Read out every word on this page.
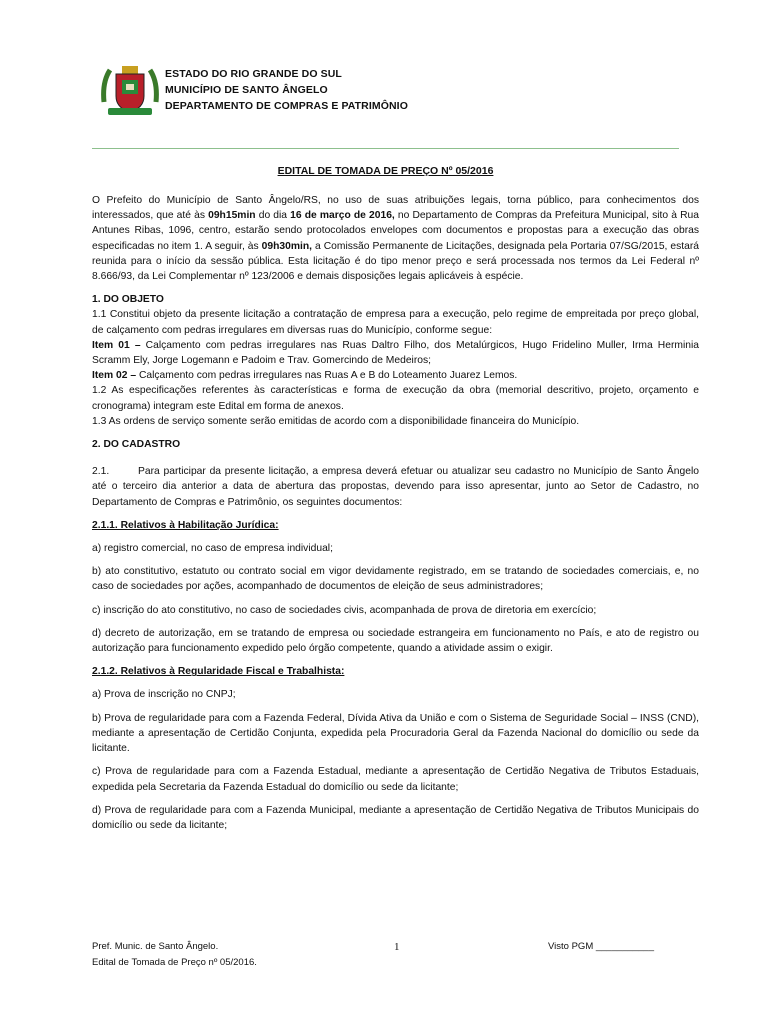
ESTADO DO RIO GRANDE DO SUL
MUNICÍPIO DE SANTO ÂNGELO
DEPARTAMENTO DE COMPRAS E PATRIMÔNIO
EDITAL DE TOMADA DE PREÇO Nº 05/2016

O Prefeito do Município de Santo Ângelo/RS, no uso de suas atribuições legais, torna público, para conhecimentos dos interessados, que até às 09h15min do dia 16 de março de 2016, no Departamento de Compras da Prefeitura Municipal, sito à Rua Antunes Ribas, 1096, centro, estarão sendo protocolados envelopes com documentos e propostas para a execução das obras especificadas no item 1. A seguir, às 09h30min, a Comissão Permanente de Licitações, designada pela Portaria 07/SG/2015, estará reunida para o início da sessão pública. Esta licitação é do tipo menor preço e será processada nos termos da Lei Federal nº 8.666/93, da Lei Complementar nº 123/2006 e demais disposições legais aplicáveis à espécie.

1. DO OBJETO

1.1 Constitui objeto da presente licitação a contratação de empresa para a execução, pelo regime de empreitada por preço global, de calçamento com pedras irregulares em diversas ruas do Município, conforme segue:

Item 01 – Calçamento com pedras irregulares nas Ruas Daltro Filho, dos Metalúrgicos, Hugo Fridelino Muller, Irma Herminia Scramm Ely, Jorge Logemann e Padoim e Trav. Gomercindo de Medeiros;

Item 02 – Calçamento com pedras irregulares nas Ruas A e B do Loteamento Juarez Lemos.

1.2 As especificações referentes às características e forma de execução da obra (memorial descritivo, projeto, orçamento e cronograma) integram este Edital em forma de anexos.

1.3 As ordens de serviço somente serão emitidas de acordo com a disponibilidade financeira do Município.

2. DO CADASTRO

2.1.	Para participar da presente licitação, a empresa deverá efetuar ou atualizar seu cadastro no Município de Santo Ângelo até o terceiro dia anterior a data de abertura das propostas, devendo para isso apresentar, junto ao Setor de Cadastro, no Departamento de Compras e Patrimônio, os seguintes documentos:

2.1.1. Relativos à Habilitação Jurídica:

a) registro comercial, no caso de empresa individual;

b) ato constitutivo, estatuto ou contrato social em vigor devidamente registrado, em se tratando de sociedades comerciais, e, no caso de sociedades por ações, acompanhado de documentos de eleição de seus administradores;

c) inscrição do ato constitutivo, no caso de sociedades civis, acompanhada de prova de diretoria em exercício;

d) decreto de autorização, em se tratando de empresa ou sociedade estrangeira em funcionamento no País, e ato de registro ou autorização para funcionamento expedido pelo órgão competente, quando a atividade assim o exigir.

2.1.2. Relativos à Regularidade Fiscal e Trabalhista:

a) Prova de inscrição no CNPJ;

b) Prova de regularidade para com a Fazenda Federal, Dívida Ativa da União e com o Sistema de Seguridade Social – INSS (CND), mediante a apresentação de Certidão Conjunta, expedida pela Procuradoria Geral da Fazenda Nacional do domicílio ou sede da licitante.

c) Prova de regularidade para com a Fazenda Estadual, mediante a apresentação de Certidão Negativa de Tributos Estaduais, expedida pela Secretaria da Fazenda Estadual do domicílio ou sede da licitante;

d) Prova de regularidade para com a Fazenda Municipal, mediante a apresentação de Certidão Negativa de Tributos Municipais do domicílio ou sede da licitante;

Pref. Munic. de Santo Ângelo.
Edital de Tomada de Preço nº 05/2016.
1	Visto PGM ___________
